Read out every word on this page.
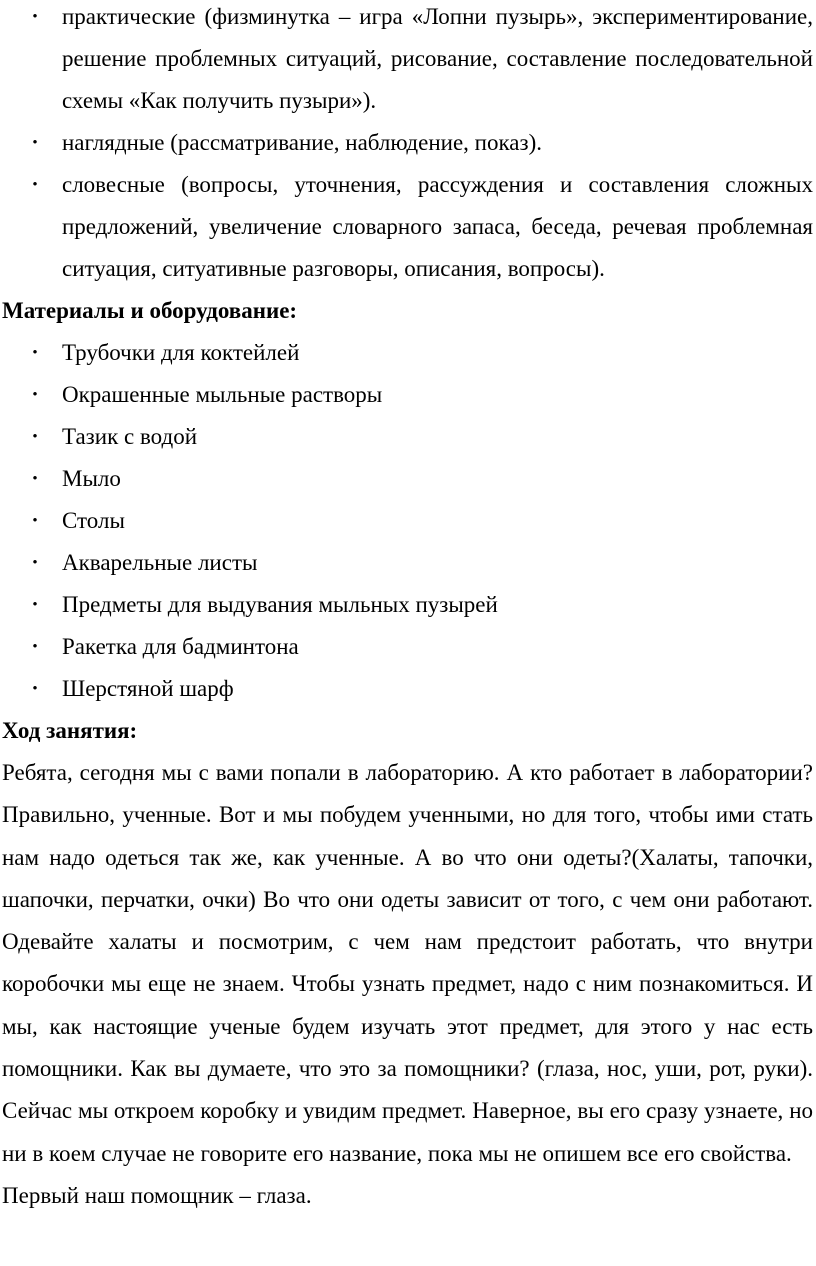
• практические (физминутка – игра «Лопни пузырь», экспериментирование, решение проблемных ситуаций, рисование, составление последовательной схемы «Как получить пузыри»).
• наглядные (рассматривание, наблюдение, показ).
• словесные (вопросы, уточнения, рассуждения и составления сложных предложений, увеличение словарного запаса, беседа, речевая проблемная ситуация, ситуативные разговоры, описания, вопросы).

Материалы и оборудование:

• Трубочки для коктейлей
• Окрашенные мыльные растворы
• Тазик с водой
• Мыло
• Столы
• Акварельные листы
• Предметы для выдувания мыльных пузырей
• Ракетка для бадминтона
• Шерстяной шарф

Ход занятия:

Ребята, сегодня мы с вами попали в лабораторию. А кто работает в лаборатории? Правильно, ученные. Вот и мы побудем ученными, но для того, чтобы ими стать нам надо одеться так же, как ученные. А во что они одеты?(Халаты, тапочки, шапочки, перчатки, очки) Во что они одеты зависит от того, с чем они работают. Одевайте халаты и посмотрим, с чем нам предстоит работать, что внутри коробочки мы еще не знаем. Чтобы узнать предмет, надо с ним познакомиться. И мы, как настоящие ученые будем изучать этот предмет, для этого у нас есть помощники. Как вы думаете, что это за помощники? (глаза, нос, уши, рот, руки). Сейчас мы откроем коробку и увидим предмет. Наверное, вы его сразу узнаете, но ни в коем случае не говорите его название, пока мы не опишем все его свойства.

Первый наш помощник – глаза.
